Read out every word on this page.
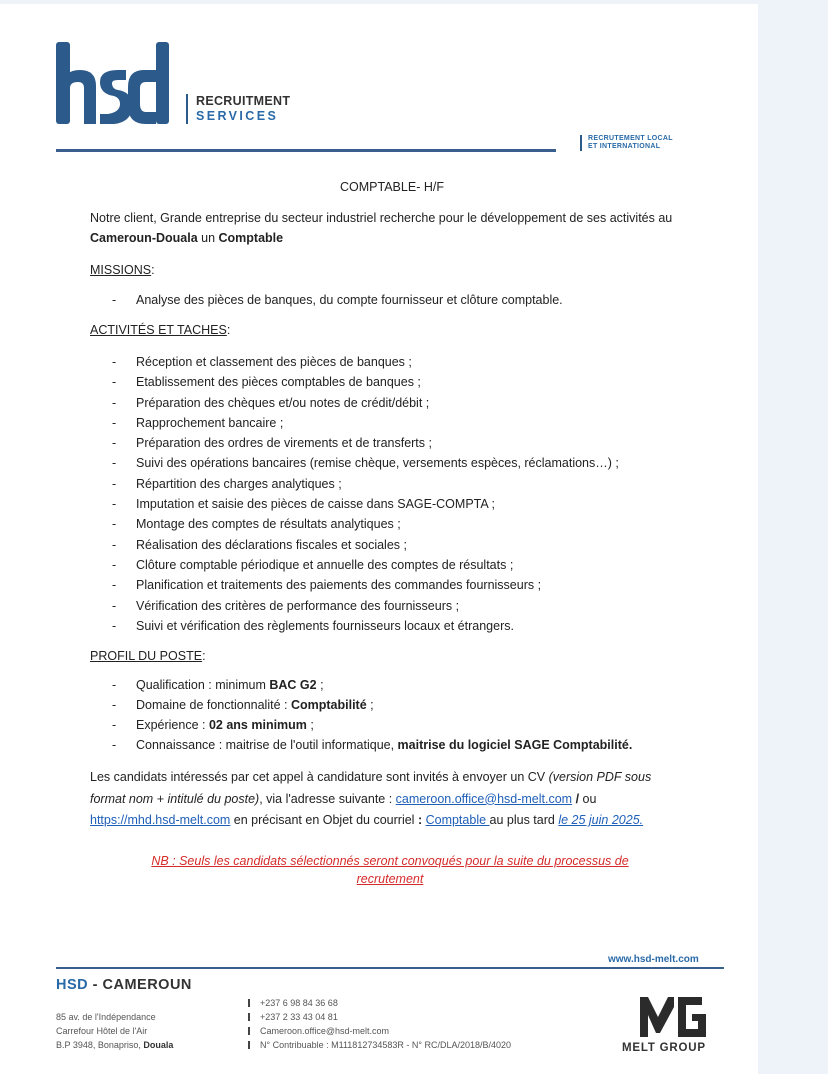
RECRUITMENT
SERVICES
RECRUTEMENT LOCAL
ET INTERNATIONAL
COMPTABLE- H/F

Notre client, Grande entreprise du secteur industriel recherche pour le développement de ses activités au Cameroun-Douala un Comptable

MISSIONS:
- Analyse des pièces de banques, du compte fournisseur et clôture comptable.
ACTIVITÉS ET TACHES:
- Réception et classement des pièces de banques ;
- Etablissement des pièces comptables de banques ;
- Préparation des chèques et/ou notes de crédit/débit ;
- Rapprochement bancaire ;
- Préparation des ordres de virements et de transferts ;
- Suivi des opérations bancaires (remise chèque, versements espèces, réclamations…) ;
- Répartition des charges analytiques ;
- Imputation et saisie des pièces de caisse dans SAGE-COMPTA ;
- Montage des comptes de résultats analytiques ;
- Réalisation des déclarations fiscales et sociales ;
- Clôture comptable périodique et annuelle des comptes de résultats ;
- Planification et traitements des paiements des commandes fournisseurs ;
- Vérification des critères de performance des fournisseurs ;
- Suivi et vérification des règlements fournisseurs locaux et étrangers.
PROFIL DU POSTE:
- Qualification : minimum BAC G2 ;
- Domaine de fonctionnalité : Comptabilité ;
- Expérience : 02 ans minimum ;
- Connaissance : maitrise de l'outil informatique, maitrise du logiciel SAGE Comptabilité.

Les candidats intéressés par cet appel à candidature sont invités à envoyer un CV (version PDF sous format nom + intitulé du poste), via l'adresse suivante : cameroon.office@hsd-melt.com / ou https://mhd.hsd-melt.com en précisant en Objet du courriel : Comptable au plus tard le 25 juin 2025.

NB : Seuls les candidats sélectionnés seront convoqués pour la suite du processus de recrutement
www.hsd-melt.com
HSD - CAMEROUN
85 av. de l'Indépendance
Carrefour Hôtel de l'Air
B.P 3948, Bonapriso, Douala
+237 6 98 84 36 68
+237 2 33 43 04 81
Cameroon.office@hsd-melt.com
N° Contribuable : M111812734583R - N° RC/DLA/2018/B/4020	MELT GROUP
